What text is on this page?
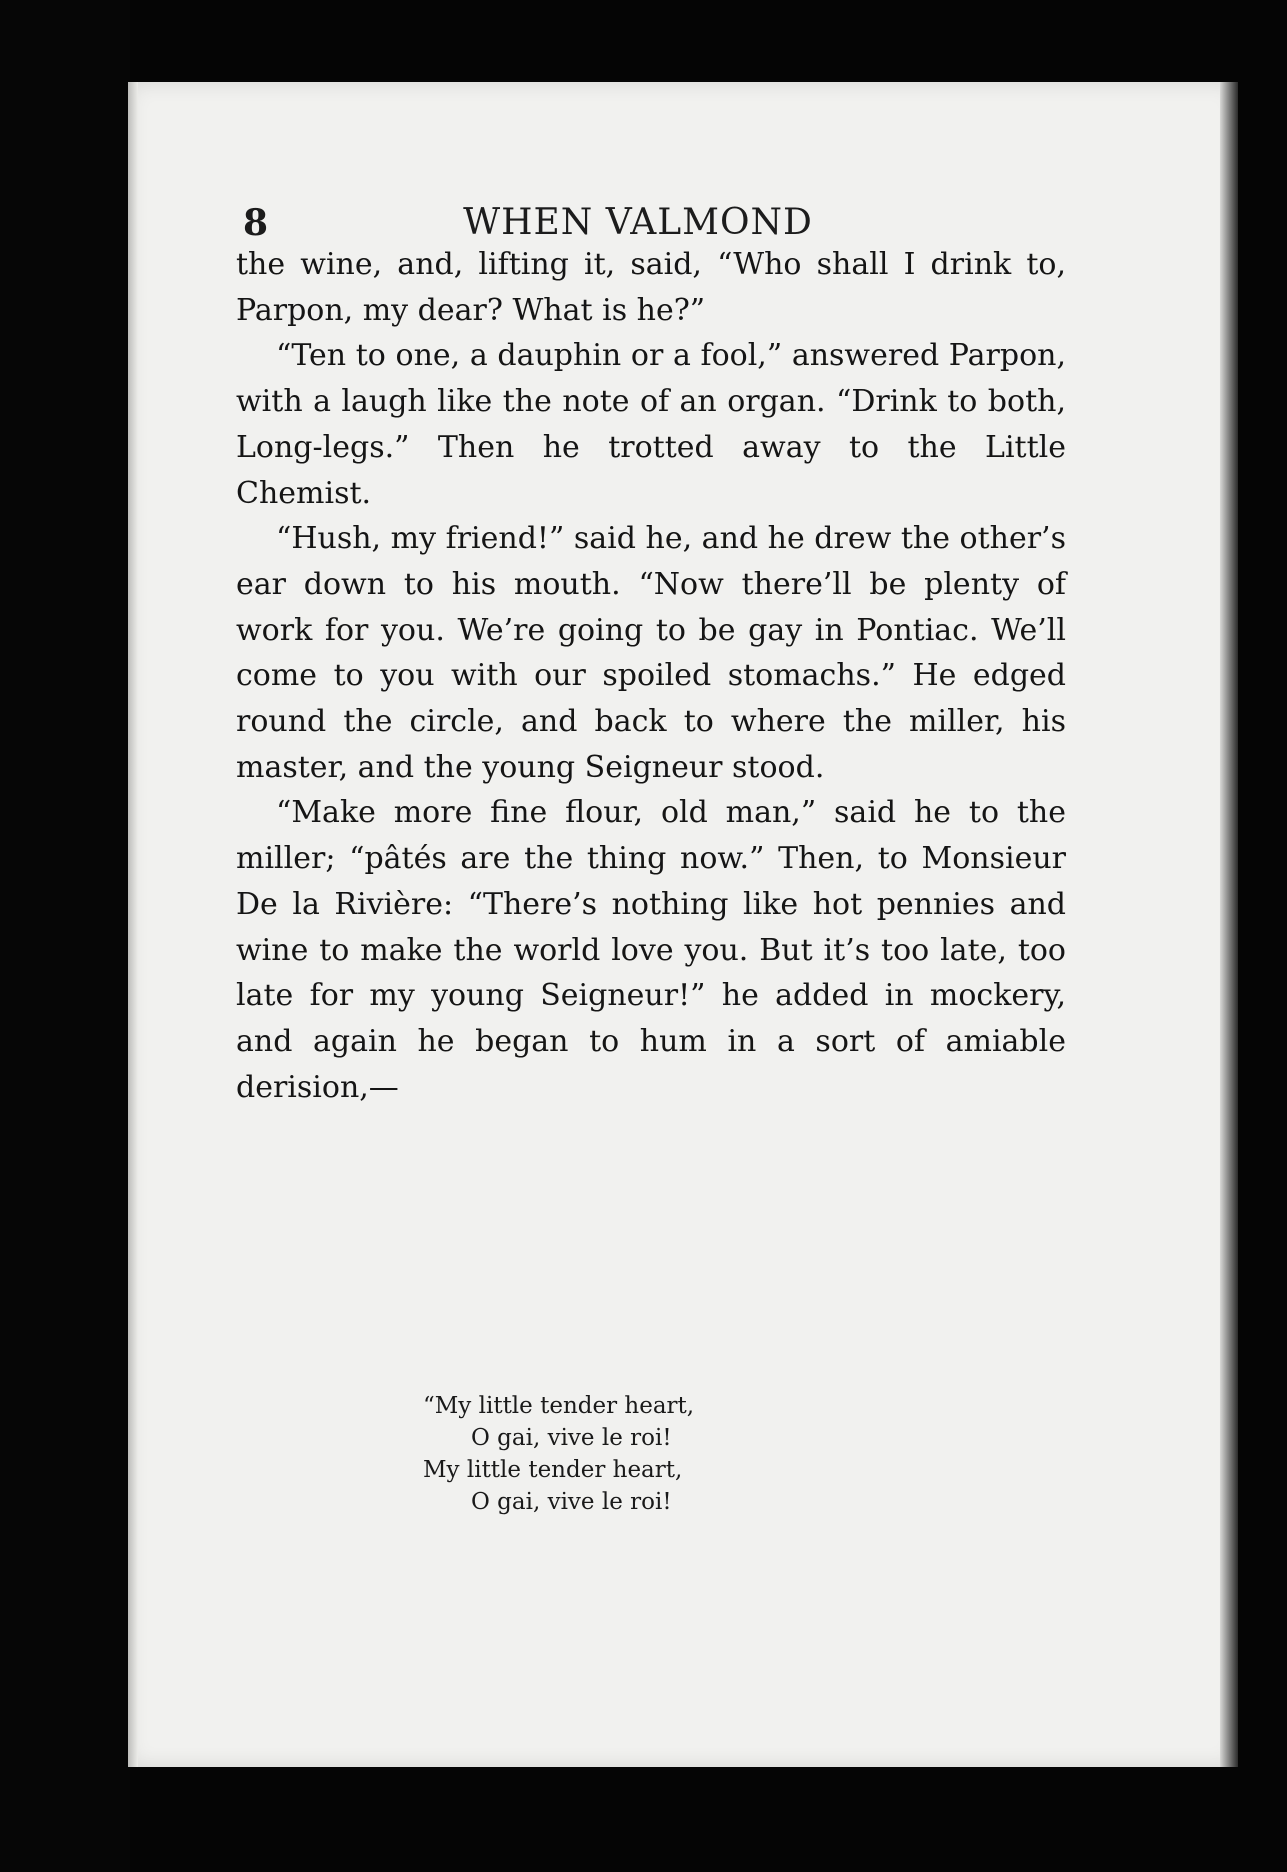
8	WHEN VALMOND

the wine, and, lifting it, said, “Who shall I drink to, Parpon, my dear? What is he?”

“Ten to one, a dauphin or a fool,” answered Parpon, with a laugh like the note of an organ. “Drink to both, Long-legs.” Then he trotted away to the Little Chemist.

“Hush, my friend!” said he, and he drew the other’s ear down to his mouth. “Now there’ll be plenty of work for you. We’re going to be gay in Pontiac. We’ll come to you with our spoiled stomachs.” He edged round the circle, and back to where the miller, his master, and the young Seigneur stood.

“Make more fine flour, old man,” said he to the miller; “pâtés are the thing now.” Then, to Monsieur De la Rivière: “There’s nothing like hot pennies and wine to make the world love you. But it’s too late, too late for my young Seigneur!” he added in mockery, and again he began to hum in a sort of amiable derision,—

“My little tender heart,
O gai, vive le roi!
My little tender heart,
O gai, vive le roi!
